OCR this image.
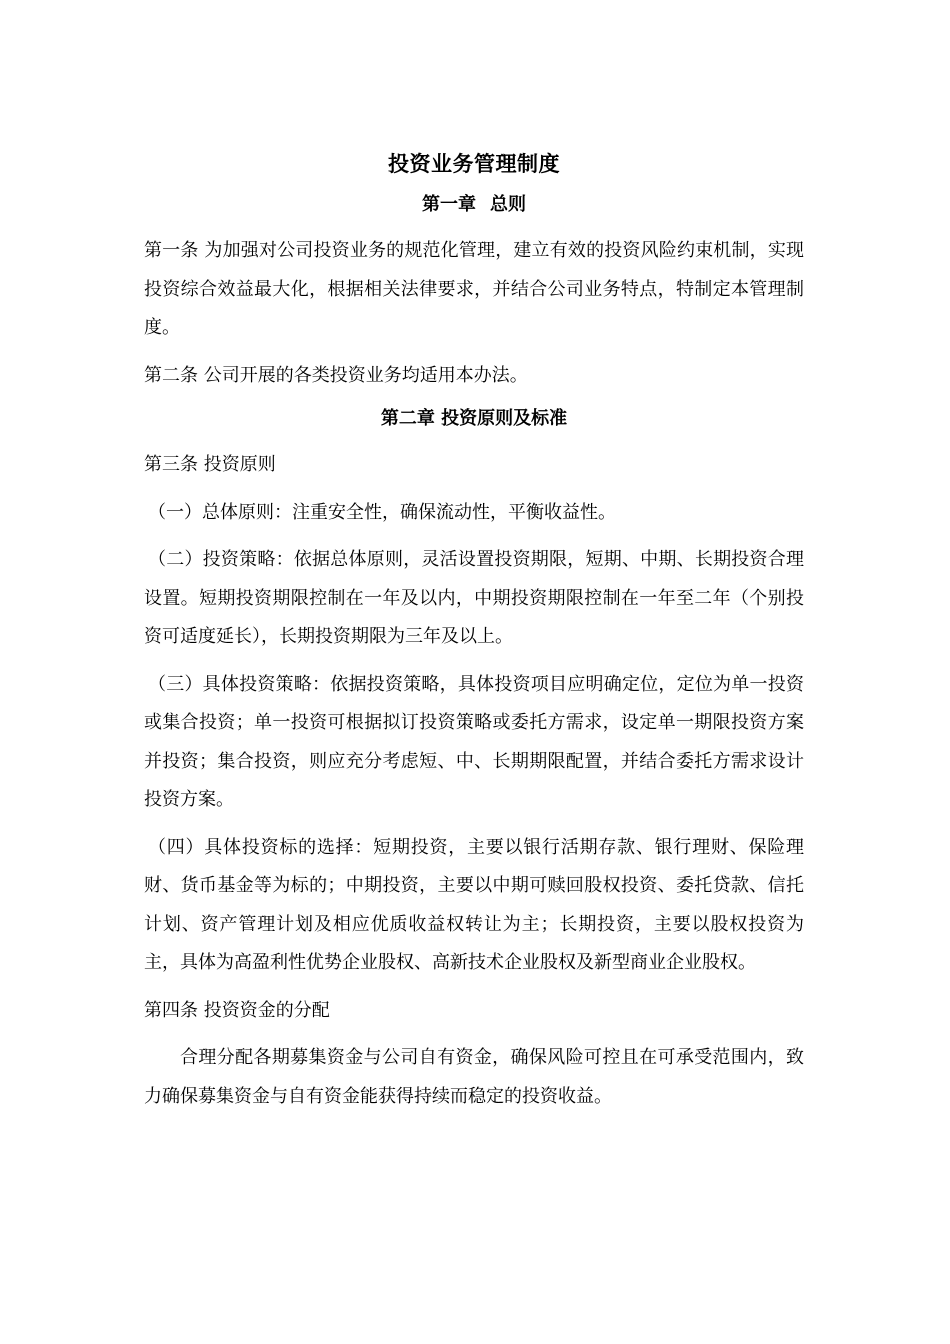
投资业务管理制度
第一章 总则

第一条 为加强对公司投资业务的规范化管理，建立有效的投资风险约束机制，实现投资综合效益最大化，根据相关法律要求，并结合公司业务特点，特制定本管理制度。

第二条 公司开展的各类投资业务均适用本办法。

第二章 投资原则及标准

第三条 投资原则

（一）总体原则：注重安全性，确保流动性，平衡收益性。

（二）投资策略：依据总体原则，灵活设置投资期限，短期、中期、长期投资合理设置。短期投资期限控制在一年及以内，中期投资期限控制在一年至二年（个别投资可适度延长），长期投资期限为三年及以上。

（三）具体投资策略：依据投资策略，具体投资项目应明确定位，定位为单一投资或集合投资；单一投资可根据拟订投资策略或委托方需求，设定单一期限投资方案并投资；集合投资，则应充分考虑短、中、长期期限配置，并结合委托方需求设计投资方案。

（四）具体投资标的选择：短期投资，主要以银行活期存款、银行理财、保险理财、货币基金等为标的；中期投资，主要以中期可赎回股权投资、委托贷款、信托计划、资产管理计划及相应优质收益权转让为主；长期投资，主要以股权投资为主，具体为高盈利性优势企业股权、高新技术企业股权及新型商业企业股权。

第四条 投资资金的分配

合理分配各期募集资金与公司自有资金，确保风险可控且在可承受范围内，致力确保募集资金与自有资金能获得持续而稳定的投资收益。
